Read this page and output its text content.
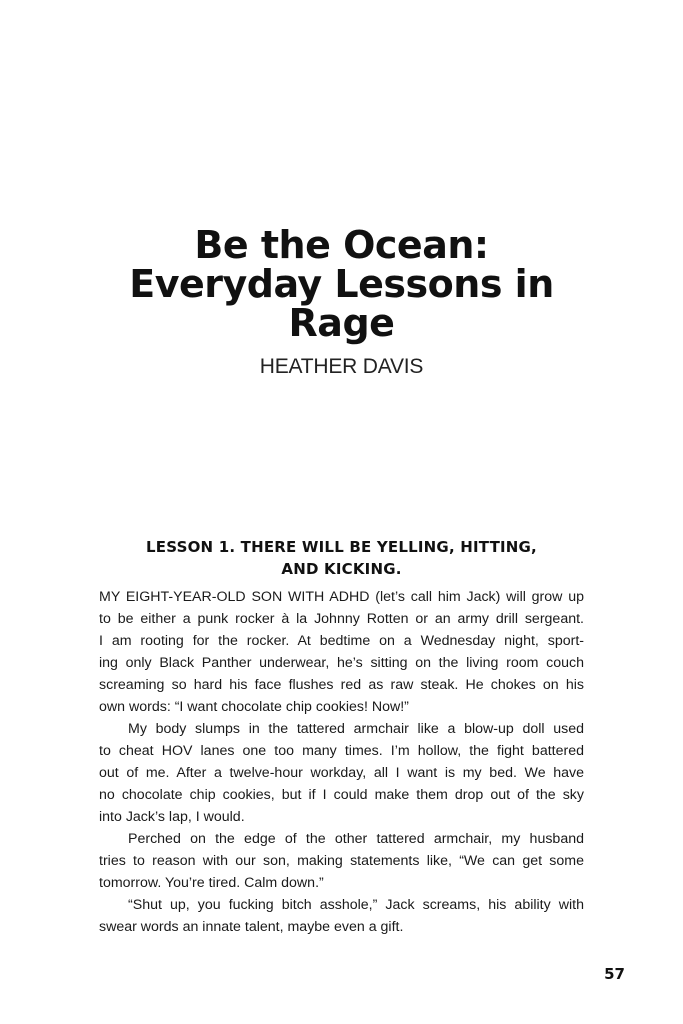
Be the Ocean:
Everyday Lessons in
Rage
HEATHER DAVIS
LESSON 1. THERE WILL BE YELLING, HITTING,
AND KICKING.
MY EIGHT-YEAR-OLD SON WITH ADHD (let’s call him Jack) will grow up
to be either a punk rocker à la Johnny Rotten or an army drill sergeant.
I am rooting for the rocker. At bedtime on a Wednesday night, sport-
ing only Black Panther underwear, he’s sitting on the living room couch
screaming so hard his face flushes red as raw steak. He chokes on his
own words: “I want chocolate chip cookies! Now!”
My body slumps in the tattered armchair like a blow-up doll used
to cheat HOV lanes one too many times. I’m hollow, the fight battered
out of me. After a twelve-hour workday, all I want is my bed. We have
no chocolate chip cookies, but if I could make them drop out of the sky
into Jack’s lap, I would.
Perched on the edge of the other tattered armchair, my husband
tries to reason with our son, making statements like, “We can get some
tomorrow. You’re tired. Calm down.”
“Shut up, you fucking bitch asshole,” Jack screams, his ability with
swear words an innate talent, maybe even a gift.
57
